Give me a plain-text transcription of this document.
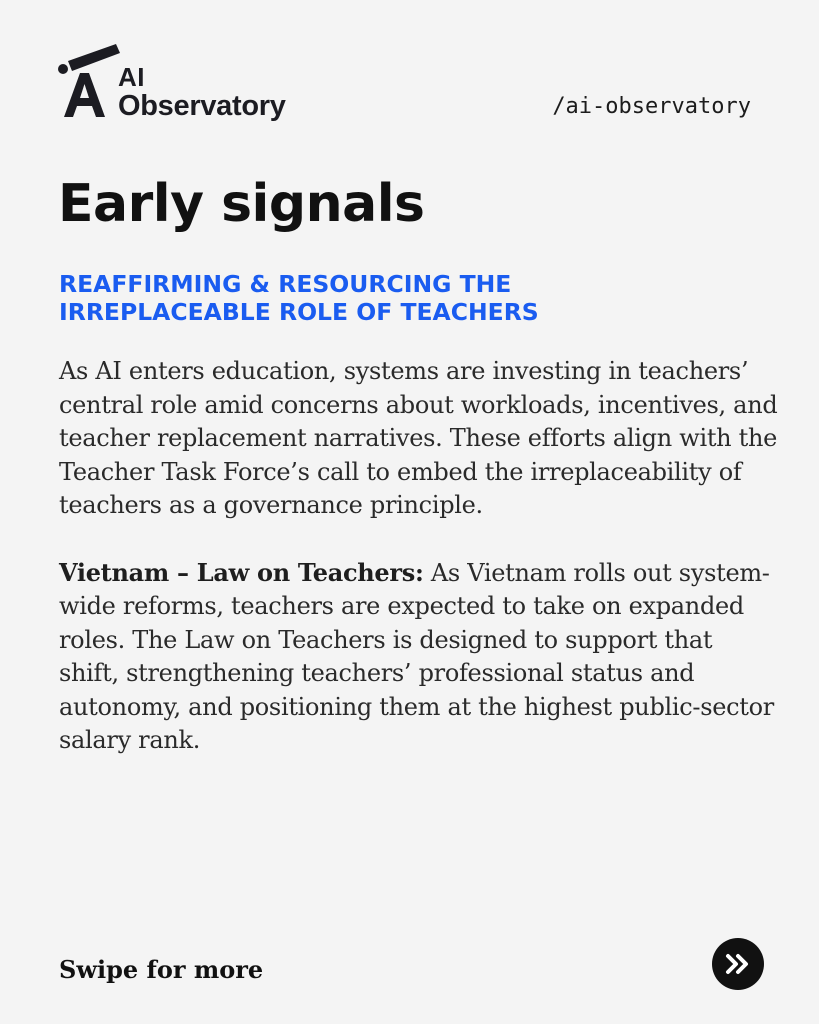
AI
Observatory	/ai-observatory
Early signals
REAFFIRMING & RESOURCING THE
IRREPLACEABLE ROLE OF TEACHERS

As AI enters education, systems are investing in teachers’ central role amid concerns about workloads, incentives, and teacher replacement narratives. These efforts align with the Teacher Task Force’s call to embed the irreplaceability of teachers as a governance principle.

Vietnam – Law on Teachers: As Vietnam rolls out system-wide reforms, teachers are expected to take on expanded roles. The Law on Teachers is designed to support that shift, strengthening teachers’ professional status and autonomy, and positioning them at the highest public-sector salary rank.

Swipe for more
